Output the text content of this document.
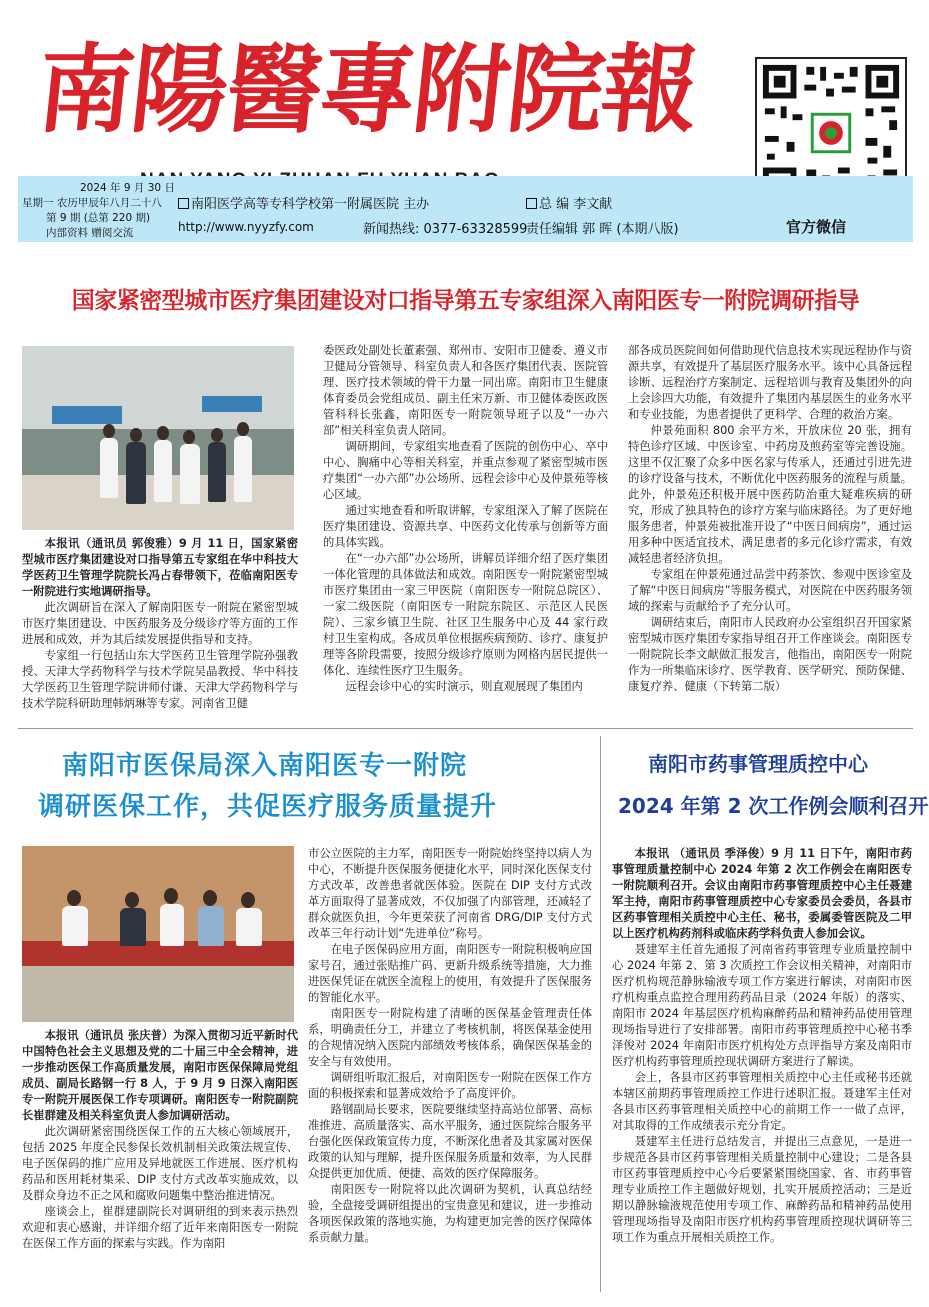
南陽醫專附院報
2024 年 9 月 30 日
星期一 农历甲辰年八月二十八
第 9 期 (总第 220 期)
内部资料 赠阅交流
南阳医学高等专科学校第一附属医院 主办	总 编 李文献
http://www.nyyzfy.com	新闻热线: 0377-63328599
责任编辑 郭 晖 (本期八版)	官方微信
国家紧密型城市医疗集团建设对口指导第五专家组深入南阳医专一附院调研指导

本报讯（通讯员 郭俊雅）9 月 11 日，国家紧密型城市医疗集团建设对口指导第五专家组在华中科技大学医药卫生管理学院院长冯占春带领下，莅临南阳医专一附院进行实地调研指导。

此次调研旨在深入了解南阳医专一附院在紧密型城市医疗集团建设、中医药服务及分级诊疗等方面的工作进展和成效，并为其后续发展提供指导和支持。

专家组一行包括山东大学医药卫生管理学院孙强教授、天津大学药物科学与技术学院吴晶教授、华中科技大学医药卫生管理学院讲师付谦、天津大学药物科学与技术学院科研助理韩炳琳等专家。河南省卫健

委医政处副处长董素强、郑州市、安阳市卫健委、遵义市卫健局分管领导、科室负责人和各医疗集团代表、医院管理、医疗技术领域的骨干力量一同出席。南阳市卫生健康体育委员会党组成员、副主任宋万新、市卫健体委医政医管科科长张鑫，南阳医专一附院领导班子以及“一办六部”相关科室负责人陪同。

调研期间，专家组实地查看了医院的创伤中心、卒中中心、胸痛中心等相关科室，并重点参观了紧密型城市医疗集团“一办六部”办公场所、远程会诊中心及仲景苑等核心区域。

通过实地查看和听取讲解，专家组深入了解了医院在医疗集团建设、资源共享、中医药文化传承与创新等方面的具体实践。

在“一办六部”办公场所，讲解员详细介绍了医疗集团一体化管理的具体做法和成效。南阳医专一附院紧密型城市医疗集团由一家三甲医院（南阳医专一附院总院区）、一家二级医院（南阳医专一附院东院区、示范区人民医院）、三家乡镇卫生院、社区卫生服务中心及 44 家行政村卫生室构成。各成员单位根据疾病预防、诊疗、康复护理等各阶段需要，按照分级诊疗原则为网格内居民提供一体化、连续性医疗卫生服务。

远程会诊中心的实时演示，则直观展现了集团内

部各成员医院间如何借助现代信息技术实现远程协作与资源共享，有效提升了基层医疗服务水平。该中心具备远程诊断、远程治疗方案制定、远程培训与教育及集团外的向上会诊四大功能，有效提升了集团内基层医生的业务水平和专业技能，为患者提供了更科学、合理的救治方案。

仲景苑面积 800 余平方米，开放床位 20 张，拥有特色诊疗区域、中医诊室、中药房及煎药室等完善设施。这里不仅汇聚了众多中医名家与传承人，还通过引进先进的诊疗设备与技术，不断优化中医药服务的流程与质量。此外，仲景苑还积极开展中医药防治重大疑难疾病的研究，形成了独具特色的诊疗方案与临床路径。为了更好地服务患者，仲景苑被批准开设了“中医日间病房”，通过运用多种中医适宜技术，满足患者的多元化诊疗需求，有效减轻患者经济负担。

专家组在仲景苑通过品尝中药茶饮、参观中医诊室及了解“中医日间病房”等服务模式，对医院在中医药服务领域的探索与贡献给予了充分认可。

调研结束后，南阳市人民政府办公室组织召开国家紧密型城市医疗集团专家指导组召开工作座谈会。南阳医专一附院院长李文献做汇报发言，他指出，南阳医专一附院作为一所集临床诊疗、医学教育、医学研究、预防保健、康复疗养、健康（下转第二版）

南阳市医保局深入南阳医专一附院
调研医保工作，共促医疗服务质量提升

本报讯（通讯员 张庆普）为深入贯彻习近平新时代中国特色社会主义思想及党的二十届三中全会精神，进一步推动医保工作高质量发展，南阳市医保保障局党组成员、副局长路钢一行 8 人，于 9 月 9 日深入南阳医专一附院开展医保工作专项调研。南阳医专一附院副院长崔群建及相关科室负责人参加调研活动。

此次调研紧密围绕医保工作的五大核心领域展开，包括 2025 年度全民参保长效机制相关政策法规宣传、电子医保码的推广应用及异地就医工作进展、医疗机构药品和医用耗材集采、DIP 支付方式改革实施成效，以及群众身边不正之风和腐败问题集中整治推进情况。

座谈会上，崔群建副院长对调研组的到来表示热烈欢迎和衷心感谢，并详细介绍了近年来南阳医专一附院在医保工作方面的探索与实践。作为南阳

市公立医院的主力军，南阳医专一附院始终坚持以病人为中心，不断提升医保服务便捷化水平，同时深化医保支付方式改革，改善患者就医体验。医院在 DIP 支付方式改革方面取得了显著成效，不仅加强了内部管理，还减轻了群众就医负担，今年更荣获了河南省 DRG/DIP 支付方式改革三年行动计划“先进单位”称号。

在电子医保码应用方面，南阳医专一附院积极响应国家号召，通过张贴推广码、更新升级系统等措施，大力推进医保凭证在就医全流程上的使用，有效提升了医保服务的智能化水平。

南阳医专一附院构建了清晰的医保基金管理责任体系，明确责任分工，并建立了考核机制，将医保基金使用的合规情况纳入医院内部绩效考核体系，确保医保基金的安全与有效使用。

调研组听取汇报后，对南阳医专一附院在医保工作方面的积极探索和显著成效给予了高度评价。

路钢副局长要求，医院要继续坚持高站位部署、高标准推进、高质量落实、高水平服务，通过医院综合服务平台强化医保政策宣传力度，不断深化患者及其家属对医保政策的认知与理解，提升医保服务质量和效率，为人民群众提供更加优质、便捷、高效的医疗保障服务。

南阳医专一附院将以此次调研为契机，认真总结经验，全盘接受调研组提出的宝贵意见和建议，进一步推动各项医保政策的落地实施，为构建更加完善的医疗保障体系贡献力量。

南阳市药事管理质控中心
2024 年第 2 次工作例会顺利召开

本报讯 （通讯员 季泽俊）9 月 11 日下午，南阳市药事管理质量控制中心 2024 年第 2 次工作例会在南阳医专一附院顺利召开。会议由南阳市药事管理质控中心主任聂建军主持，南阳市药事管理质控中心专家委员会委员，各县市区药事管理相关质控中心主任、秘书，委属委管医院及二甲以上医疗机构药剂科或临床药学科负责人参加会议。

聂建军主任首先通报了河南省药事管理专业质量控制中心 2024 年第 2、第 3 次质控工作会议相关精神，对南阳市医疗机构规范静脉输液专项工作方案进行解读，对南阳市医疗机构重点监控合理用药药品目录（2024 年版）的落实、南阳市 2024 年基层医疗机构麻醉药品和精神药品使用管理现场指导进行了安排部署。南阳市药事管理质控中心秘书季泽俊对 2024 年南阳市医疗机构处方点评指导方案及南阳市医疗机构药事管理质控现状调研方案进行了解读。

会上，各县市区药事管理相关质控中心主任或秘书还就本辖区前期药事管理质控工作进行述职汇报。聂建军主任对各县市区药事管理相关质控中心的前期工作一一做了点评，对其取得的工作成绩表示充分肯定。

聂建军主任进行总结发言，并提出三点意见，一是进一步规范各县市区药事管理相关质量控制中心建设；二是各县市区药事管理质控中心今后要紧紧围绕国家、省、市药事管理专业质控工作主题做好规划，扎实开展质控活动；三是近期以静脉输液规范使用专项工作、麻醉药品和精神药品使用管理现场指导及南阳市医疗机构药事管理质控现状调研等三项工作为重点开展相关质控工作。
